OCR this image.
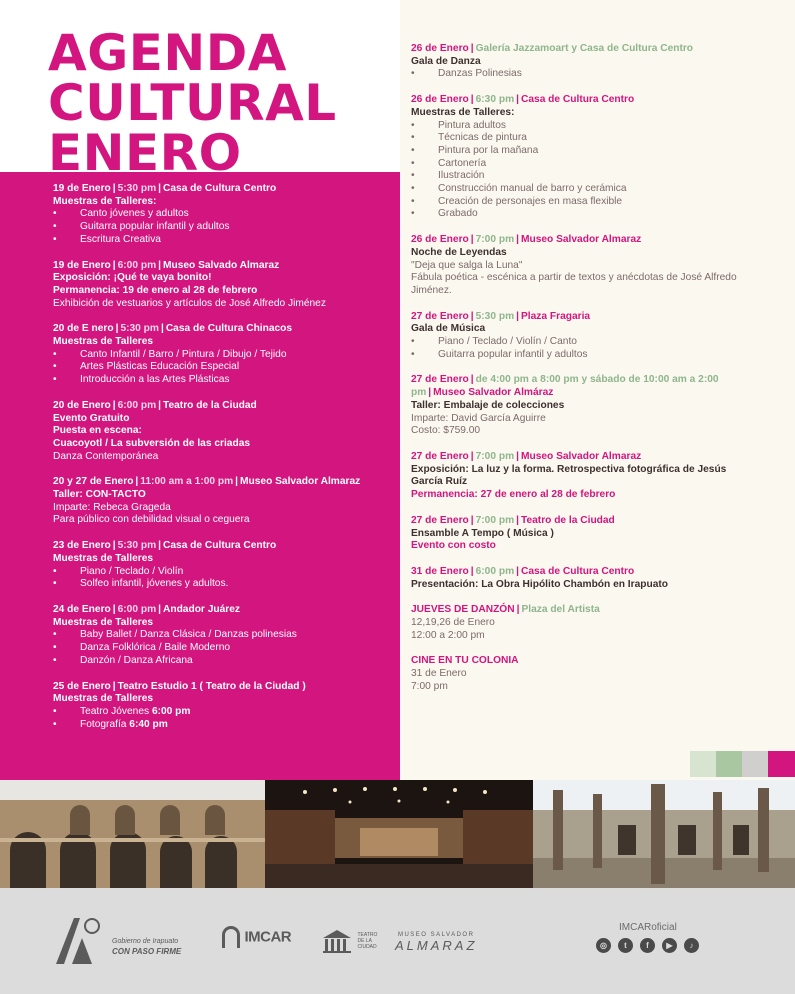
AGENDA
CULTURAL
ENERO
19 de Enero | 5:30 pm | Casa de Cultura Centro
Muestras de Talleres:
• Canto jóvenes y adultos
• Guitarra popular infantil y adultos
• Escritura Creativa
19 de Enero | 6:00 pm | Museo Salvado Almaraz
Exposición: ¡Qué te vaya bonito!
Permanencia: 19 de enero al 28 de febrero
Exhibición de vestuarios y artículos de José Alfredo Jiménez
20 de E nero | 5:30 pm | Casa de Cultura Chinacos
Muestras de Talleres
• Canto Infantil / Barro / Pintura / Dibujo / Tejido
• Artes Plásticas Educación Especial
• Introducción a las Artes Plásticas
20 de Enero | 6:00 pm | Teatro de la Ciudad
Evento Gratuito
Puesta en escena:
Cuacoyotl / La subversión de las criadas
Danza Contemporánea
20 y 27 de Enero | 11:00 am a 1:00 pm | Museo Salvador Almaraz
Taller: CON-TACTO
Imparte: Rebeca Grageda
Para público con debilidad visual o ceguera
23 de Enero | 5:30 pm | Casa de Cultura Centro
Muestras de Talleres
• Piano / Teclado / Violín
• Solfeo infantil, jóvenes y adultos.
24 de Enero | 6:00 pm | Andador Juárez
Muestras de Talleres
• Baby Ballet / Danza Clásica / Danzas polinesias
• Danza Folklórica / Baile Moderno
• Danzón / Danza Africana
25 de Enero | Teatro Estudio 1 ( Teatro de la Ciudad )
Muestras de Talleres
• Teatro Jóvenes 6:00 pm
• Fotografía 6:40 pm
26 de Enero | Galería Jazzamoart y Casa de Cultura Centro
Gala de Danza
• Danzas Polinesias
26 de Enero | 6:30 pm | Casa de Cultura Centro
Muestras de Talleres:
• Pintura adultos
• Técnicas de pintura
• Pintura por la mañana
• Cartonería
• Ilustración
• Construcción manual de barro y cerámica
• Creación de personajes en masa flexible
• Grabado
26 de Enero | 7:00 pm | Museo Salvador Almaraz
Noche de Leyendas
"Deja que salga la Luna"
Fábula poética - escénica a partir de textos y anécdotas de José Alfredo Jiménez.
27 de Enero | 5:30 pm | Plaza Fragaria
Gala de Música
• Piano / Teclado / Violín / Canto
• Guitarra popular infantil y adultos
27 de Enero | de 4:00 pm a 8:00 pm y sábado de 10:00 am a 2:00 pm | Museo Salvador Almáraz
Taller: Embalaje de colecciones
Imparte: David García Aguirre
Costo: $759.00
27 de Enero | 7:00 pm | Museo Salvador Almaraz
Exposición: La luz y la forma. Retrospectiva fotográfica de Jesús García Ruíz
Permanencia: 27 de enero al 28 de febrero
27 de Enero | 7:00 pm | Teatro de la Ciudad
Ensamble A Tempo ( Música )
Evento con costo
31 de Enero | 6:00 pm | Casa de Cultura Centro
Presentación: La Obra Hipólito Chambón en Irapuato
JUEVES DE DANZÓN | Plaza del Artista
12,19,26 de Enero
12:00 a 2:00 pm
CINE EN TU COLONIA
31 de Enero
7:00 pm
Gobierno de Irapuato
CON PASO FIRME
IMCAR	TEATRO DE LA CIUDAD
MUSEO SALVADOR
ALMARAZ
IMCARoficial
◎	t	f	▶	♪
